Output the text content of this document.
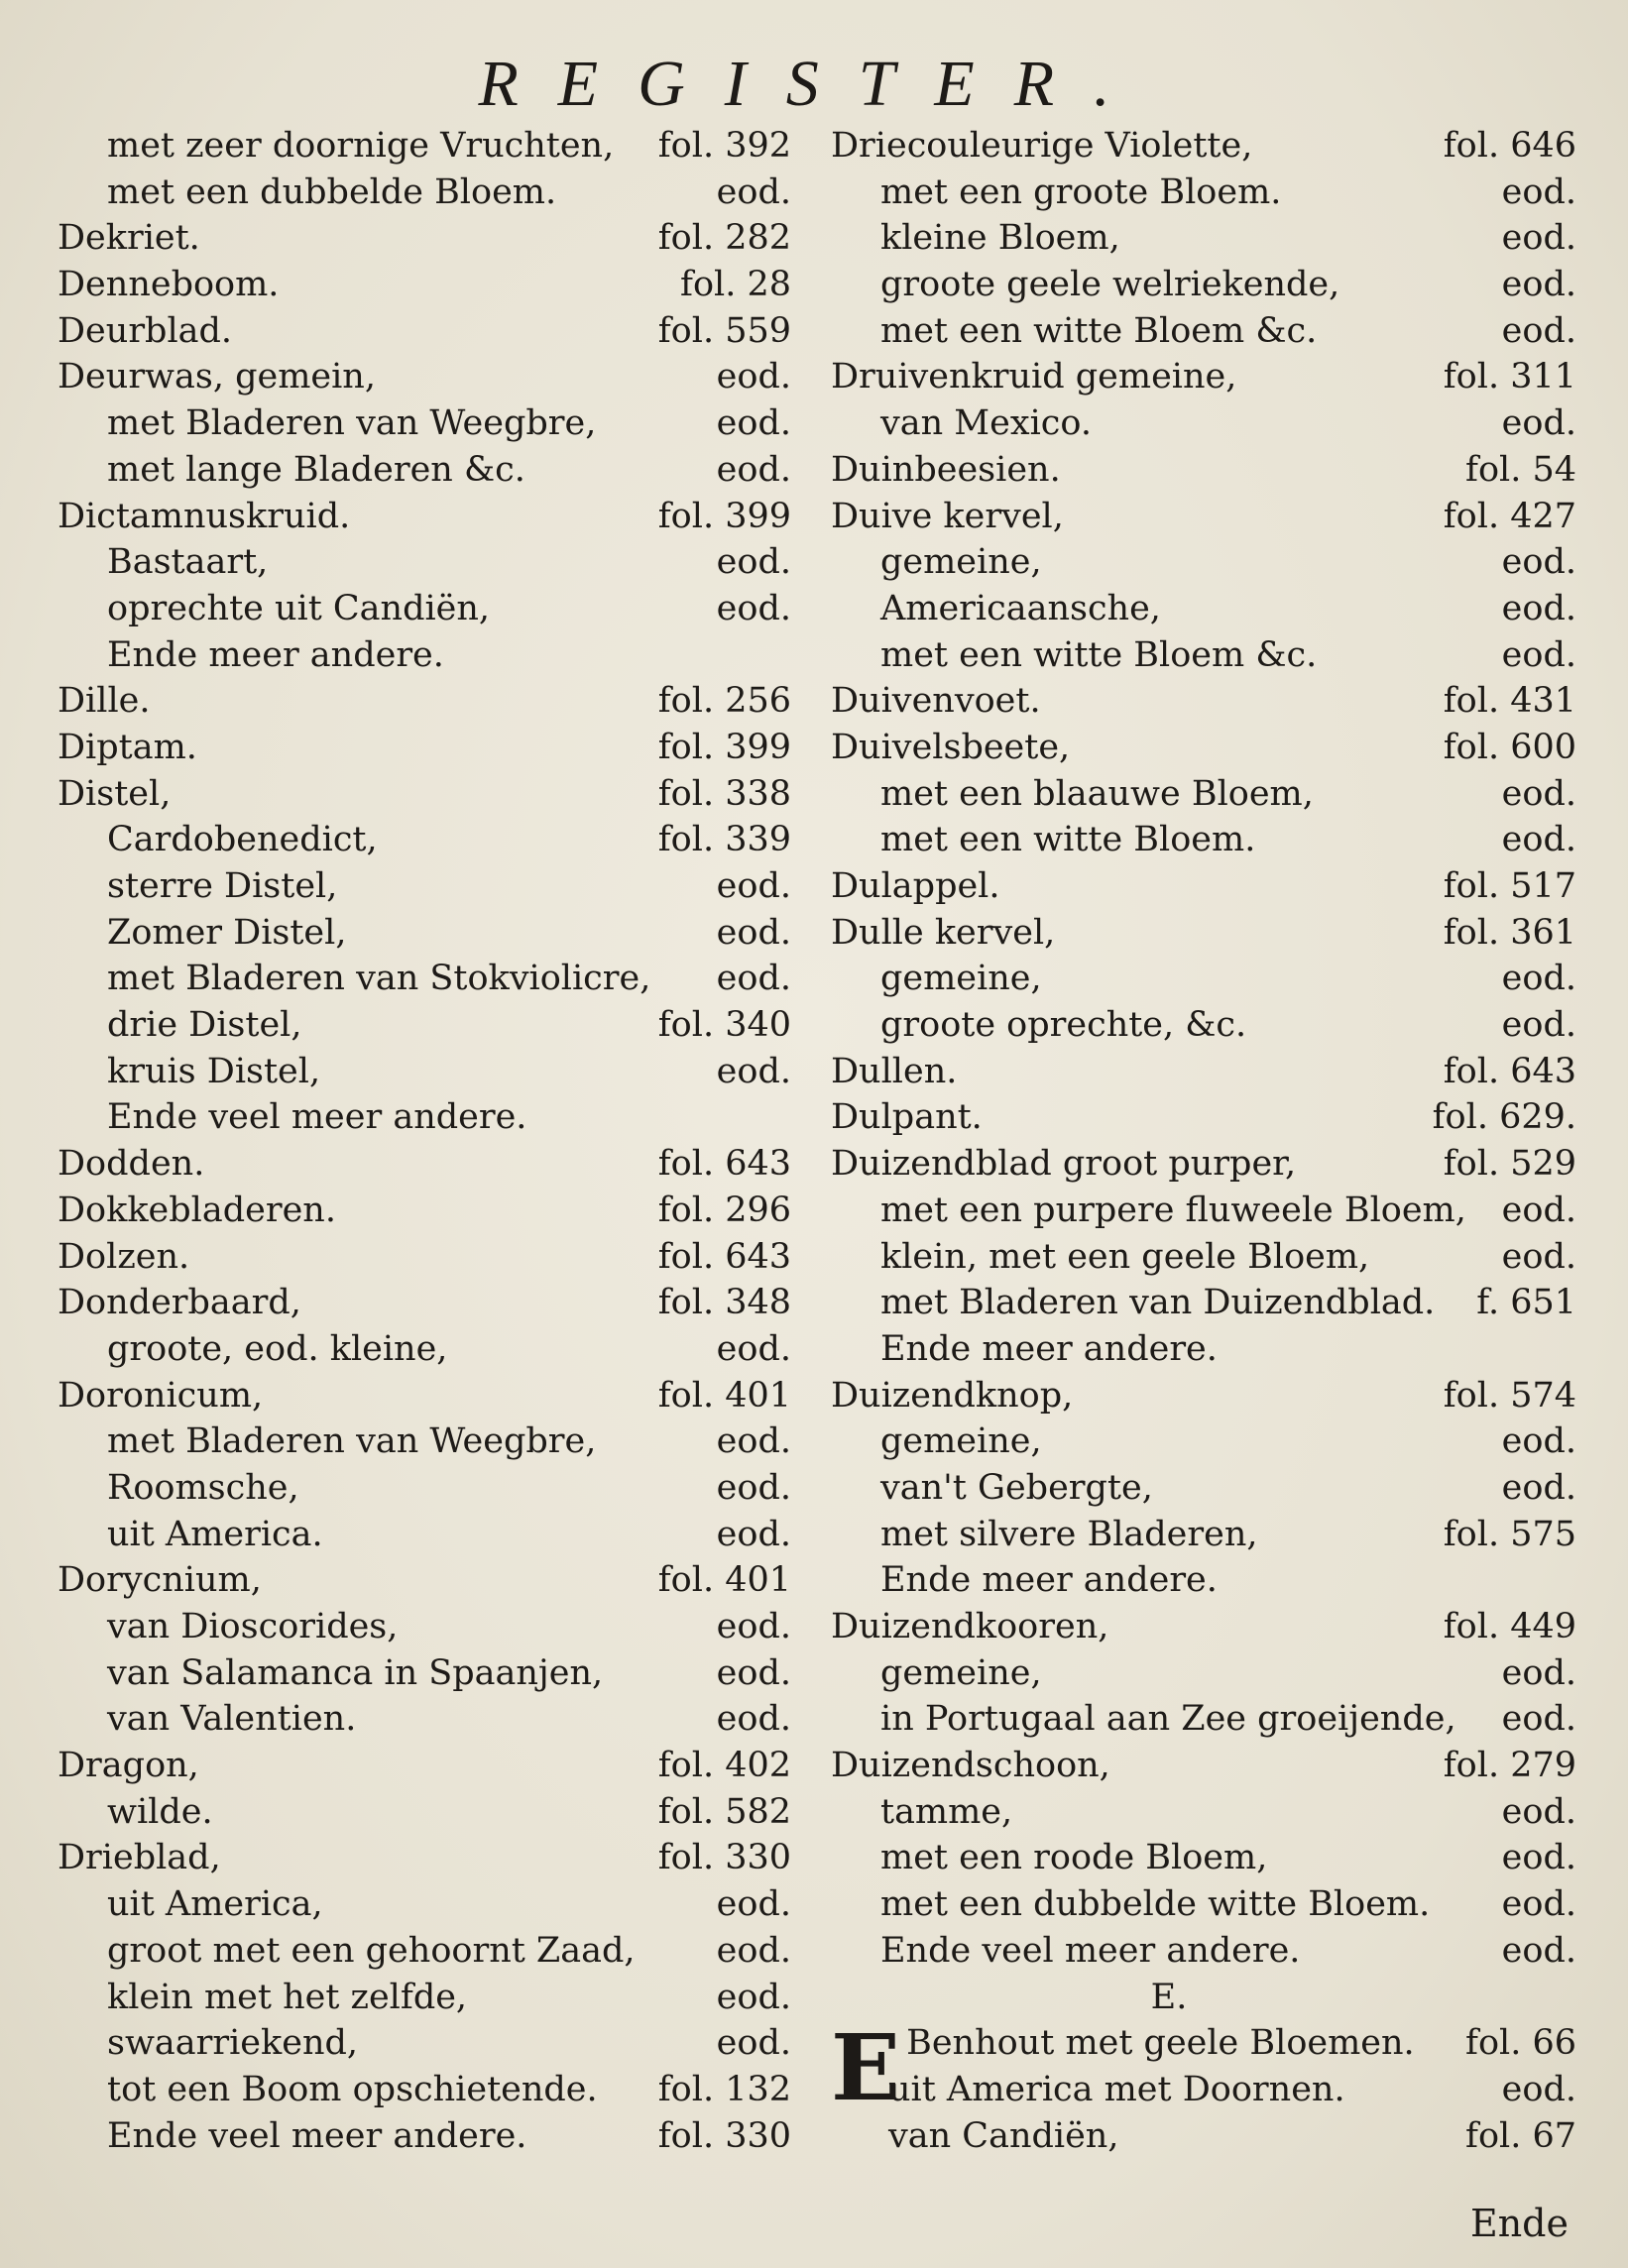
REGISTER.
met zeer doornige Vruchten, fol. 392
met een dubbelde Bloem.	eod.
Dekriet.	fol. 282
Denneboom.	fol. 28
Deurblad.	fol. 559
Deurwas, gemein,	eod.
met Bladeren van Weegbre,	eod.
met lange Bladeren &c.	eod.
Dictamnuskruid.	fol. 399
Bastaart,	eod.
oprechte uit Candiën,	eod.
Ende meer andere.
Dille.	fol. 256
Diptam.	fol. 399
Distel,	fol. 338
Cardobenedict,	fol. 339
sterre Distel,	eod.
Zomer Distel,	eod.
met Bladeren van Stokviolicre, eod.
drie Distel,	fol. 340
kruis Distel,	eod.
Ende veel meer andere.
Dodden.	fol. 643
Dokkebladeren.	fol. 296
Dolzen.	fol. 643
Donderbaard,	fol. 348
groote, eod. kleine,	eod.
Doronicum,	fol. 401
met Bladeren van Weegbre,	eod.
Roomsche,	eod.
uit America.	eod.
Dorycnium,	fol. 401
van Dioscorides,	eod.
van Salamanca in Spaanjen,	eod.
van Valentien.	eod.
Dragon,	fol. 402
wilde.	fol. 582
Drieblad,	fol. 330
uit America,	eod.
groot met een gehoornt Zaad, eod.
klein met het zelfde,	eod.
swaarriekend,	eod.
tot een Boom opschietende. fol. 132
Ende veel meer andere.	fol. 330
Driecouleurige Violette,	fol. 646
met een groote Bloem.	eod.
kleine Bloem,	eod.
groote geele welriekende,	eod.
met een witte Bloem &c.	eod.
Druivenkruid gemeine,	fol. 311
van Mexico.	eod.
Duinbeesien.	fol. 54
Duive kervel,	fol. 427
gemeine,	eod.
Americaansche,	eod.
met een witte Bloem &c.	eod.
Duivenvoet.	fol. 431
Duivelsbeete,	fol. 600
met een blaauwe Bloem,	eod.
met een witte Bloem.	eod.
Dulappel.	fol. 517
Dulle kervel,	fol. 361
gemeine,	eod.
groote oprechte, &c.	eod.
Dullen.	fol. 643
Dulpant.	fol. 629.
Duizendblad groot purper,	fol. 529
met een purpere fluweele Bloem, eod.
klein, met een geele Bloem,	eod.
met Bladeren van Duizendblad. f. 651
Ende meer andere.
Duizendknop,	fol. 574
gemeine,	eod.
van't Gebergte,	eod.
met silvere Bladeren,	fol. 575
Ende meer andere.
Duizendkooren,	fol. 449
gemeine,	eod.
in Portugaal aan Zee groeijende, eod.
Duizendschoon,	fol. 279
tamme,	eod.
met een roode Bloem,	eod.
met een dubbelde witte Bloem. eod.
Ende veel meer andere.	eod.
E.
E Benhout met geele Bloemen. fol. 66
uit America met Doornen.	eod.
van Candiën,	fol. 67
Ende
